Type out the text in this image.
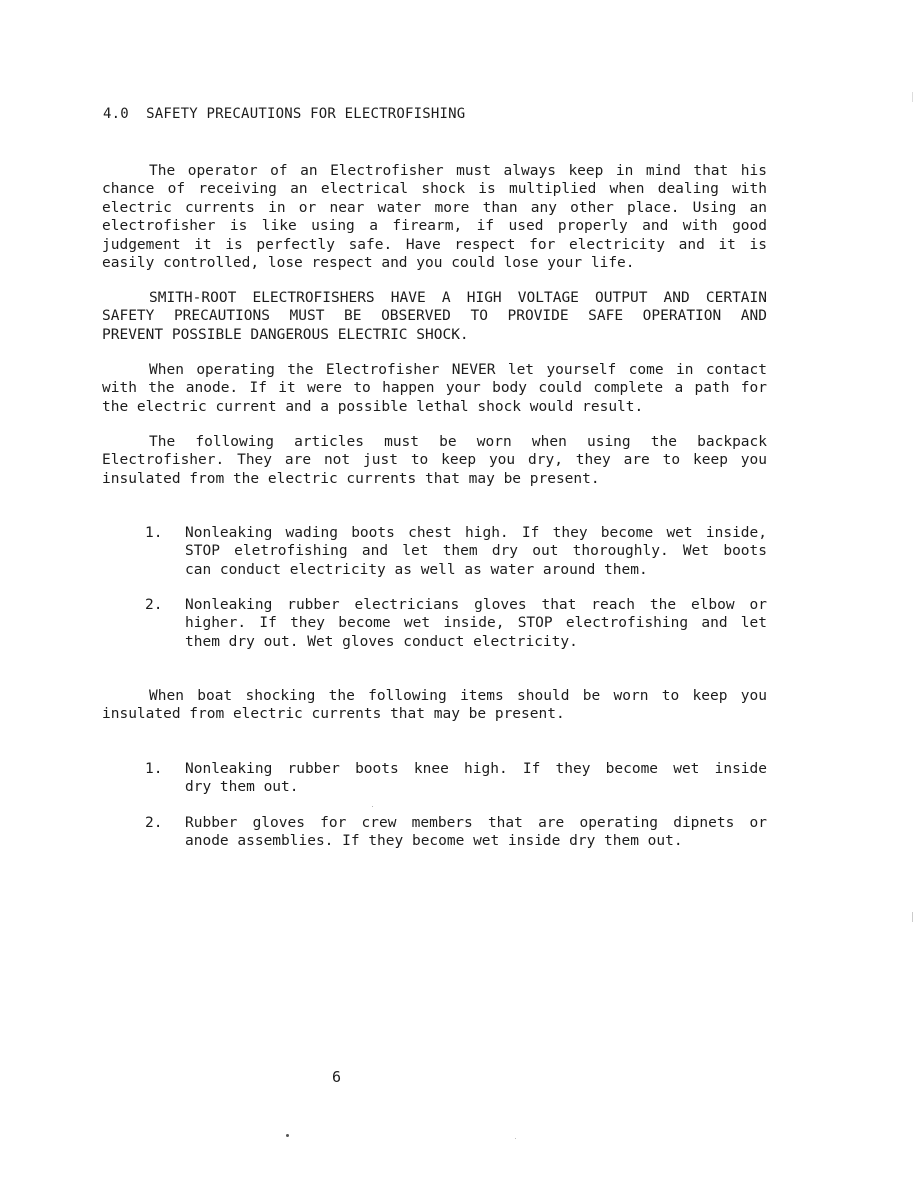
4.0  SAFETY PRECAUTIONS FOR ELECTROFISHING
The operator of an Electrofisher must always keep in mind that his
chance of receiving an electrical shock is multiplied when dealing with
electric currents in or near water more than any other place. Using an
electrofisher is like using a firearm, if used properly and with good
judgement it is perfectly safe. Have respect for electricity and it is
easily controlled, lose respect and you could lose your life.
SMITH-ROOT ELECTROFISHERS HAVE A HIGH VOLTAGE OUTPUT AND CERTAIN
SAFETY PRECAUTIONS MUST BE OBSERVED TO PROVIDE SAFE OPERATION AND
PREVENT POSSIBLE DANGEROUS ELECTRIC SHOCK.
When operating the Electrofisher NEVER let yourself come in contact
with the anode. If it were to happen your body could complete a path for
the electric current and a possible lethal shock would result.
The following articles must be worn when using the backpack
Electrofisher. They are not just to keep you dry, they are to keep you
insulated from the electric currents that may be present.
1.	Nonleaking wading boots chest high. If they become wet inside,
STOP eletrofishing and let them dry out thoroughly. Wet boots
can conduct electricity as well as water around them.
2.	Nonleaking rubber electricians gloves that reach the elbow or
higher. If they become wet inside, STOP electrofishing and let
them dry out. Wet gloves conduct electricity.
When boat shocking the following items should be worn to keep you
insulated from electric currents that may be present.
1.	Nonleaking rubber boots knee high. If they become wet inside
dry them out.
2.	Rubber gloves for crew members that are operating dipnets or
anode assemblies. If they become wet inside dry them out.
6
